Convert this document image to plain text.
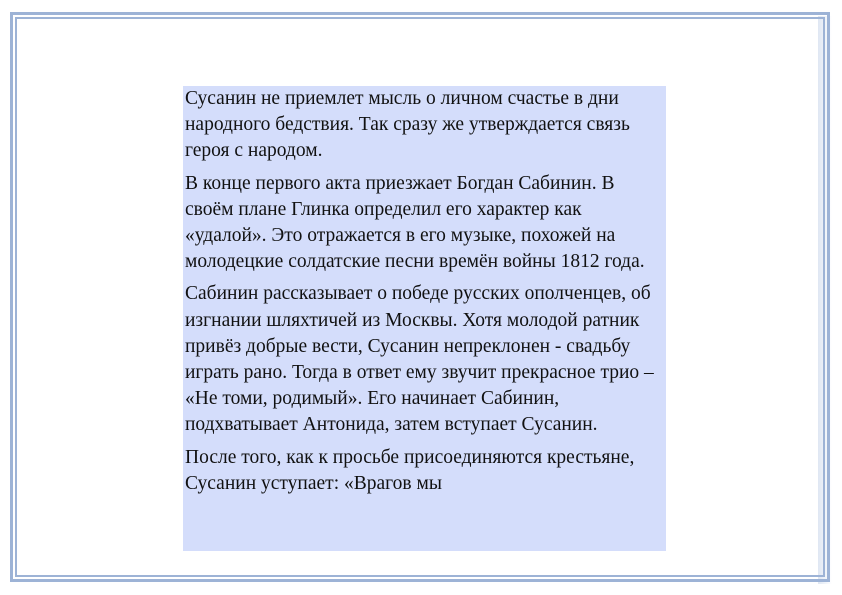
Сусанин не приемлет мысль о личном счастье в дни народного бедствия. Так сразу же утверждается связь героя с народом.

В конце первого акта приезжает Богдан Сабинин. В своём плане Глинка определил его характер как «удалой». Это отражается в его музыке, похожей на молодецкие солдатские песни времён войны 1812 года.

Сабинин рассказывает о победе русских ополченцев, об изгнании шляхтичей из Москвы. Хотя молодой ратник привёз добрые вести, Сусанин непреклонен - свадьбу играть рано. Тогда в ответ ему звучит прекрасное трио – «Не томи, родимый». Его начинает Сабинин, подхватывает Антонида, затем вступает Сусанин.

После того, как к просьбе присоединяются крестьяне, Сусанин уступает: «Врагов мы
